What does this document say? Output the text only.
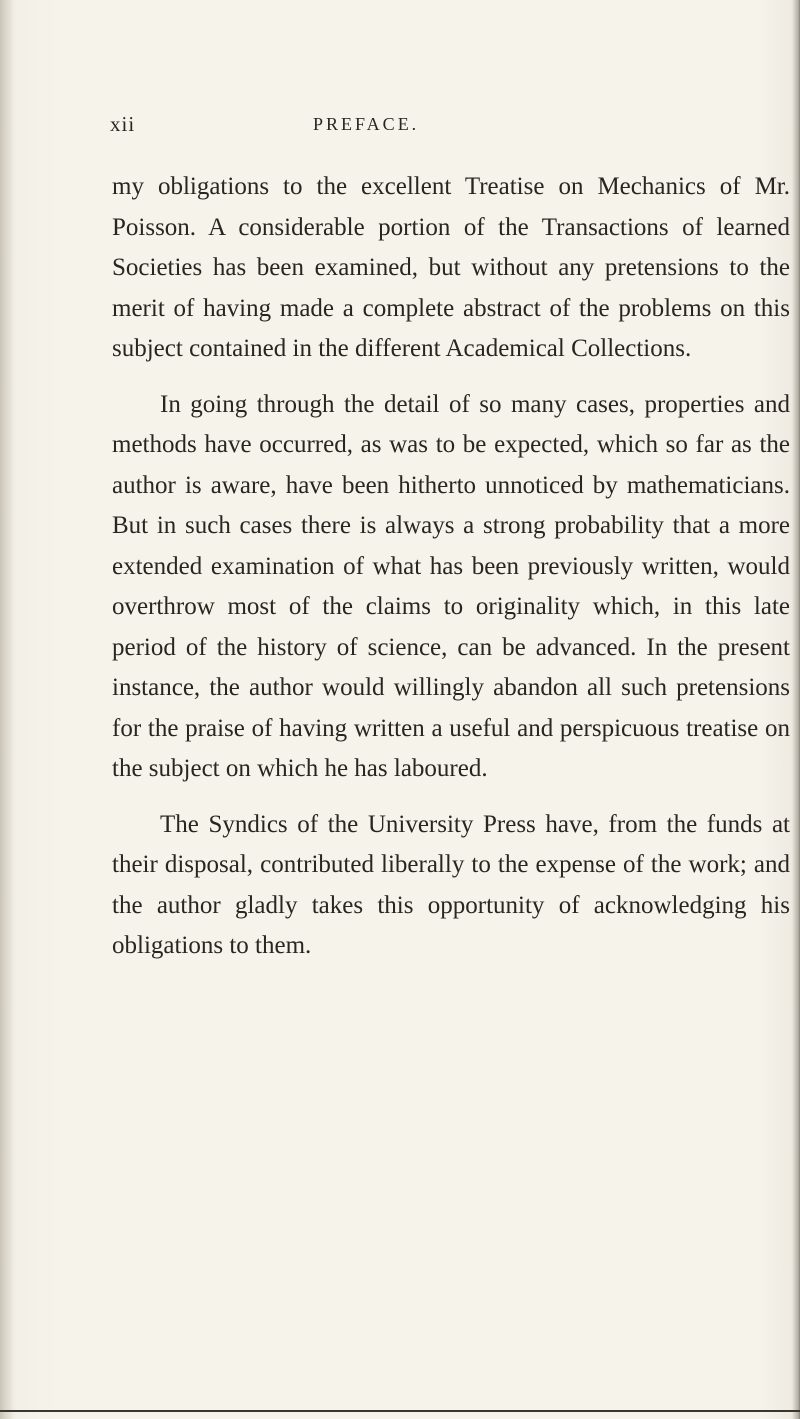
xii	PREFACE.

my obligations to the excellent Treatise on Mechanics of Mr. Poisson. A considerable portion of the Transactions of learned Societies has been examined, but without any pretensions to the merit of having made a complete abstract of the problems on this subject contained in the different Academical Collections.

In going through the detail of so many cases, properties and methods have occurred, as was to be expected, which so far as the author is aware, have been hitherto unnoticed by mathematicians. But in such cases there is always a strong probability that a more extended examination of what has been previously written, would overthrow most of the claims to originality which, in this late period of the history of science, can be advanced. In the present instance, the author would willingly abandon all such pretensions for the praise of having written a useful and perspicuous treatise on the subject on which he has laboured.

The Syndics of the University Press have, from the funds at their disposal, contributed liberally to the expense of the work; and the author gladly takes this opportunity of acknowledging his obligations to them.
